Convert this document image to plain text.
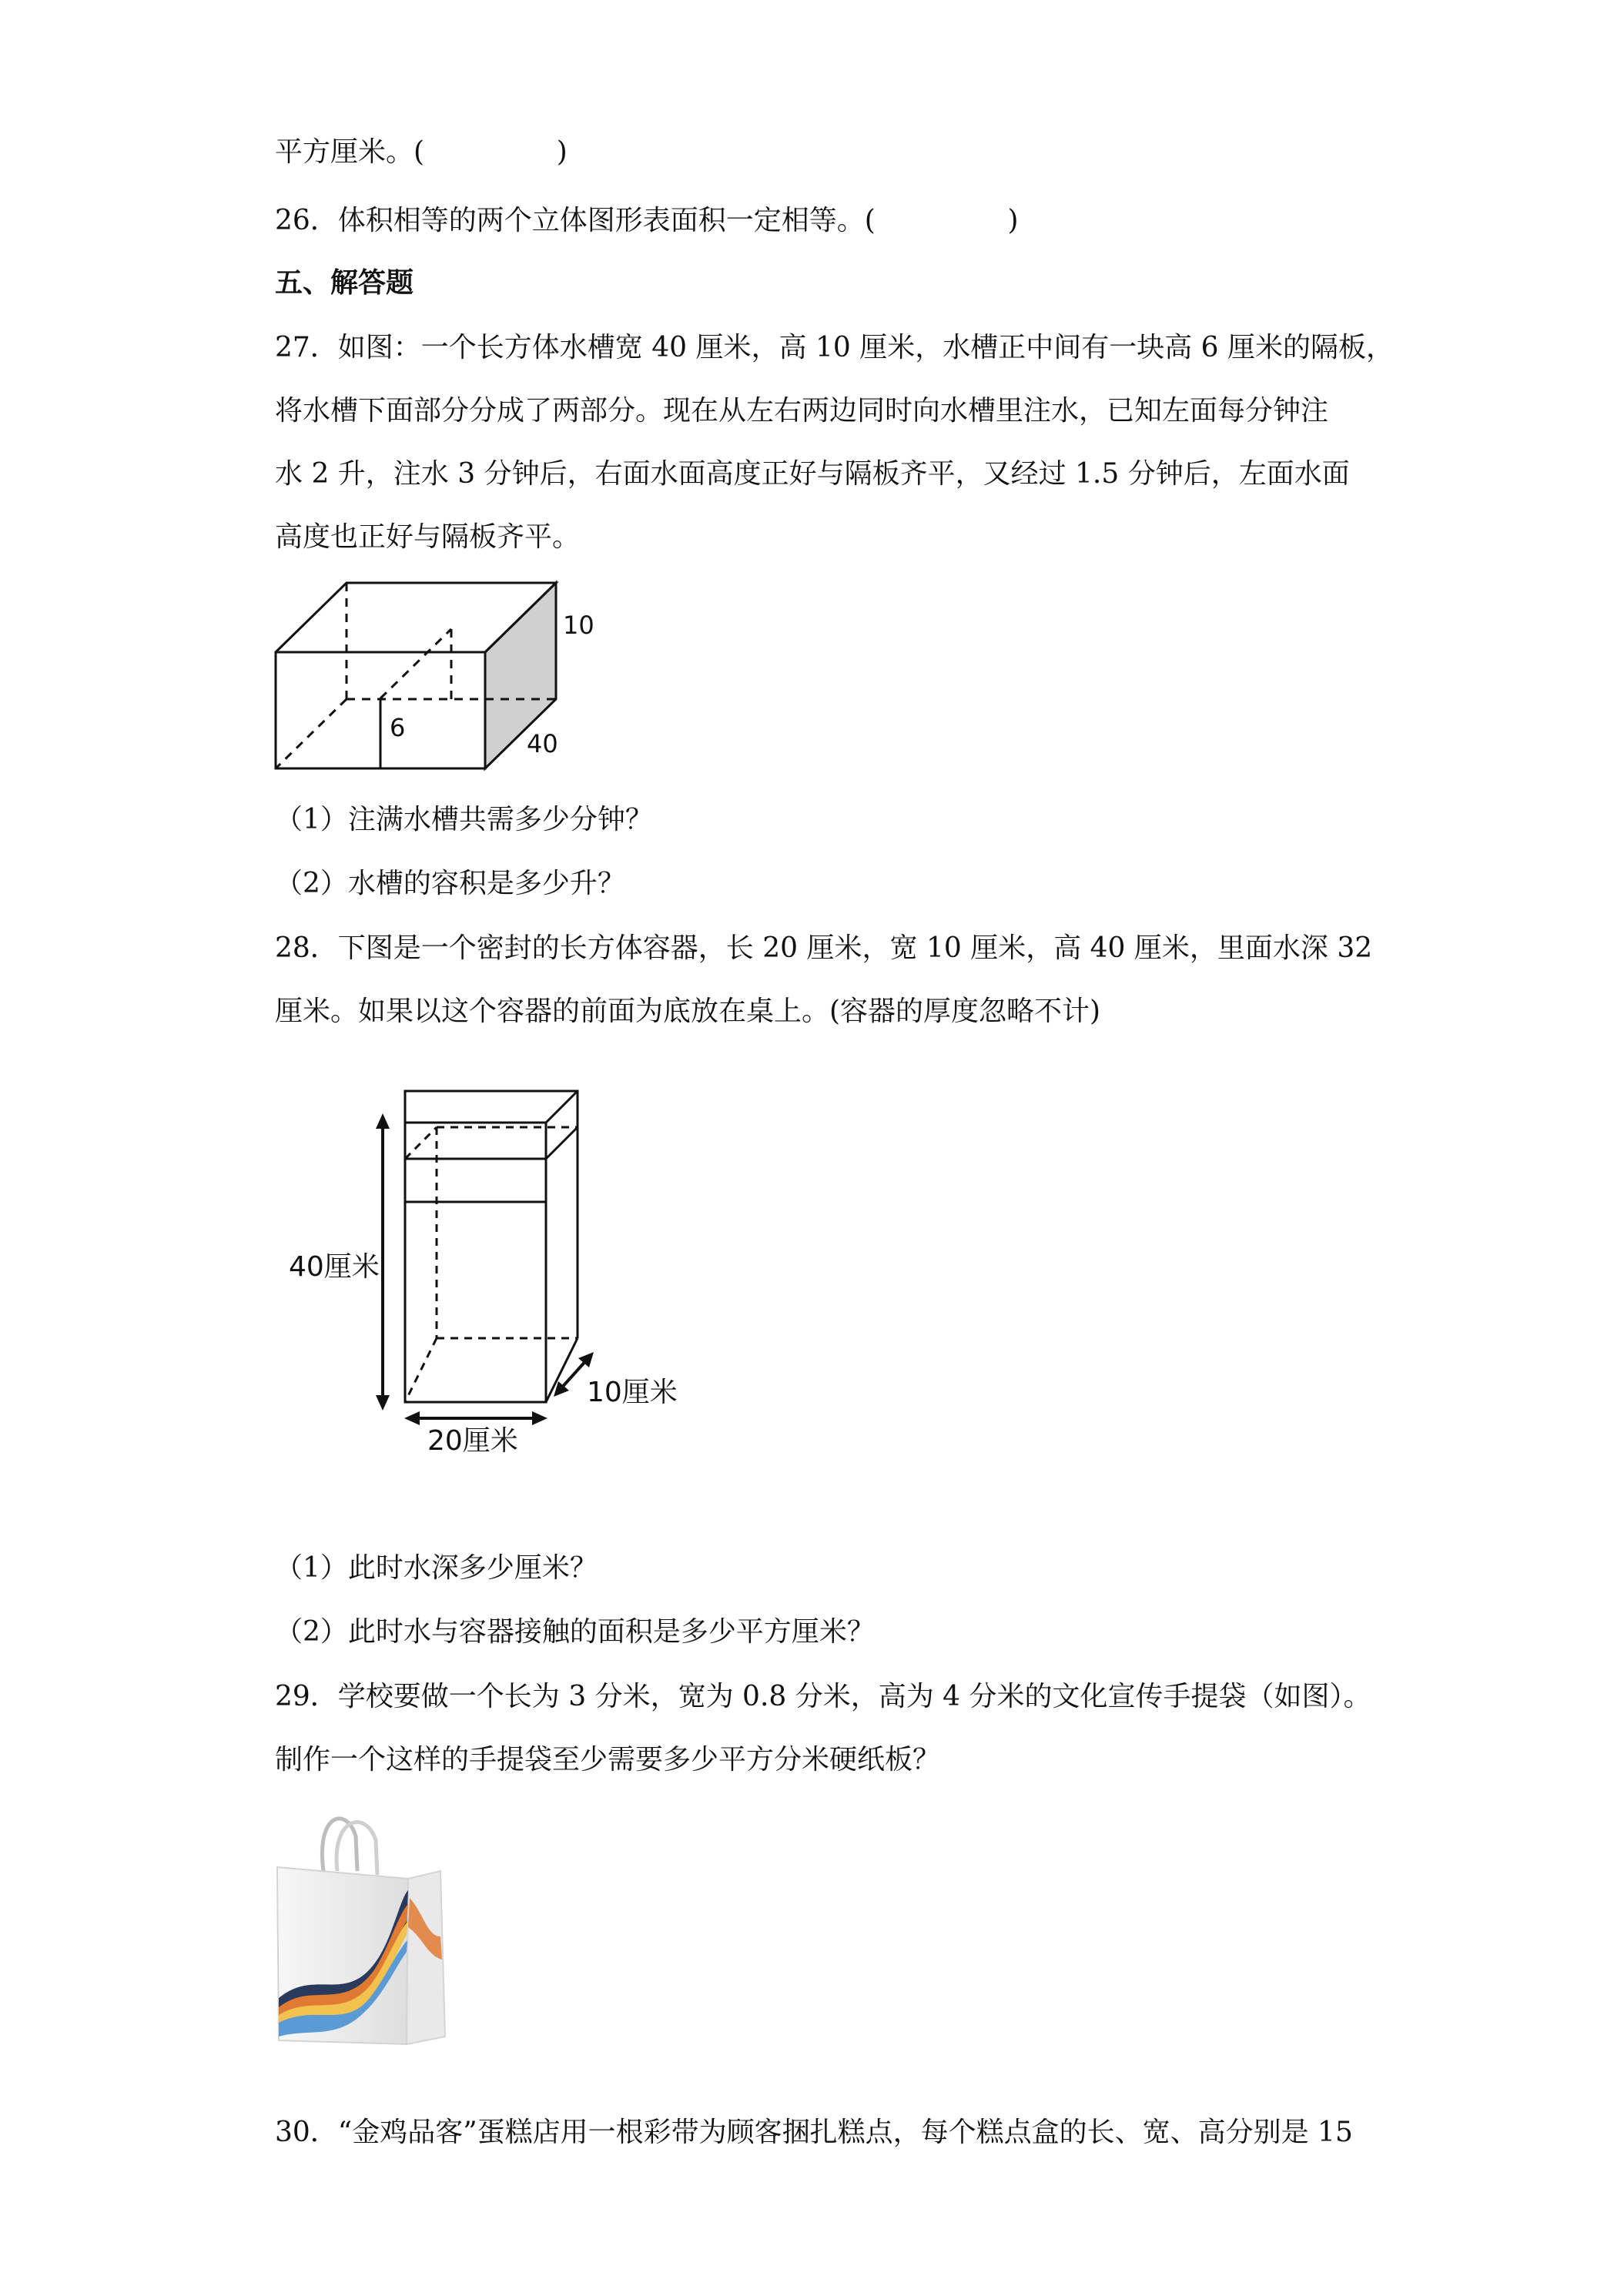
平方厘米。(               )
26．体积相等的两个立体图形表面积一定相等。(               )
五、解答题
27．如图：一个长方体水槽宽 40 厘米，高 10 厘米，水槽正中间有一块高 6 厘米的隔板，
将水槽下面部分分成了两部分。现在从左右两边同时向水槽里注水，已知左面每分钟注
水 2 升，注水 3 分钟后，右面水面高度正好与隔板齐平，又经过 1.5 分钟后，左面水面
高度也正好与隔板齐平。
10
40
6
（1）注满水槽共需多少分钟？
（2）水槽的容积是多少升？
28．下图是一个密封的长方体容器，长 20 厘米，宽 10 厘米，高 40 厘米，里面水深 32
厘米。如果以这个容器的前面为底放在桌上。(容器的厚度忽略不计)
40厘米
20厘米
10厘米
（1）此时水深多少厘米？
（2）此时水与容器接触的面积是多少平方厘米？
29．学校要做一个长为 3 分米，宽为 0.8 分米，高为 4 分米的文化宣传手提袋（如图）。
制作一个这样的手提袋至少需要多少平方分米硬纸板？
30．“金鸡品客”蛋糕店用一根彩带为顾客捆扎糕点，每个糕点盒的长、宽、高分别是 15
